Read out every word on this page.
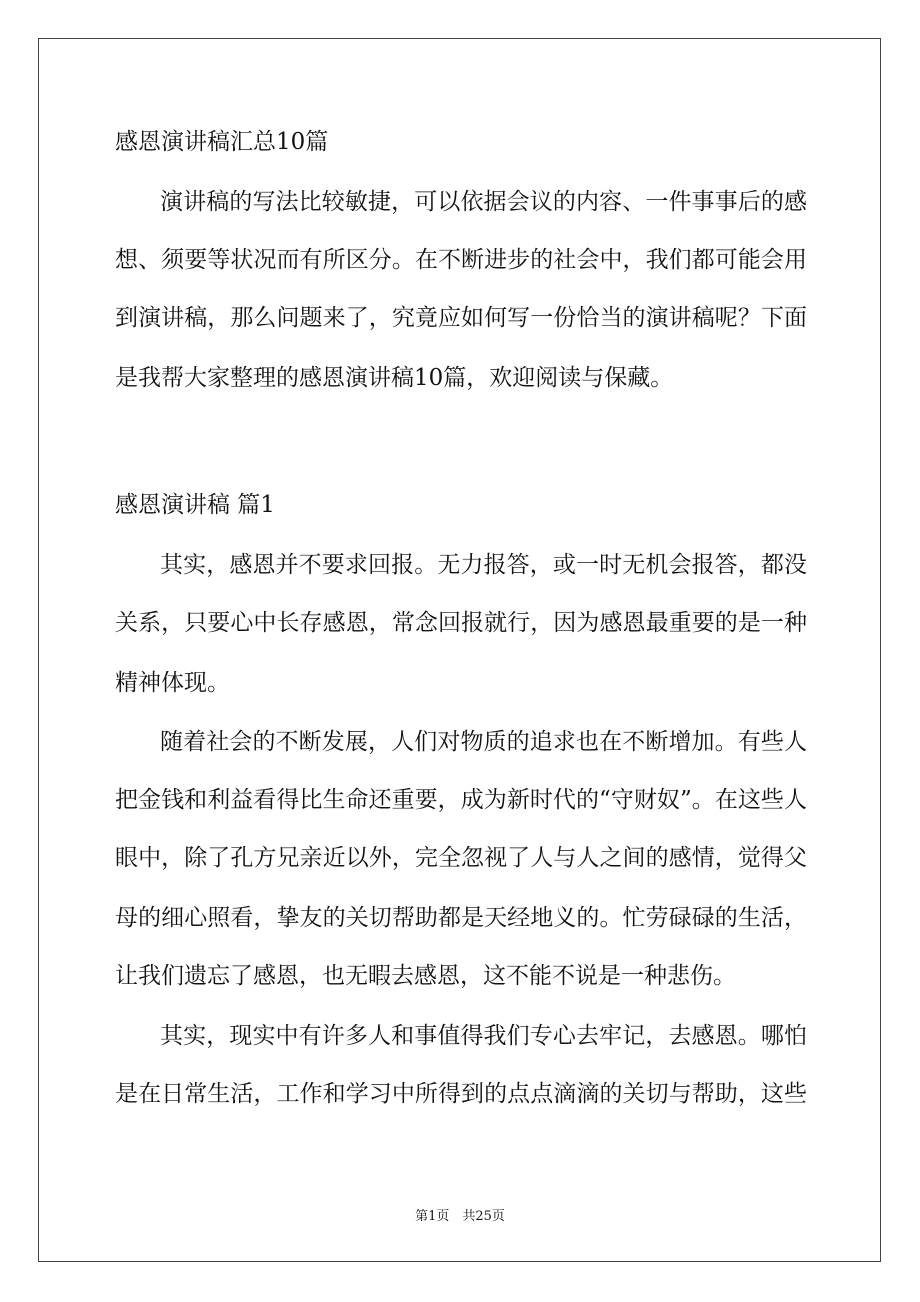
感恩演讲稿汇总10篇
演讲稿的写法比较敏捷，可以依据会议的内容、一件事事后的感
想、须要等状况而有所区分。在不断进步的社会中，我们都可能会用
到演讲稿，那么问题来了，究竟应如何写一份恰当的演讲稿呢？下面
是我帮大家整理的感恩演讲稿10篇，欢迎阅读与保藏。
感恩演讲稿 篇1
其实，感恩并不要求回报。无力报答，或一时无机会报答，都没
关系，只要心中长存感恩，常念回报就行，因为感恩最重要的是一种
精神体现。
随着社会的不断发展，人们对物质的追求也在不断增加。有些人
把金钱和利益看得比生命还重要，成为新时代的“守财奴”。在这些人
眼中，除了孔方兄亲近以外，完全忽视了人与人之间的感情，觉得父
母的细心照看，挚友的关切帮助都是天经地义的。忙劳碌碌的生活，
让我们遗忘了感恩，也无暇去感恩，这不能不说是一种悲伤。
其实，现实中有许多人和事值得我们专心去牢记，去感恩。哪怕
是在日常生活，工作和学习中所得到的点点滴滴的关切与帮助，这些
第1页　共25页
